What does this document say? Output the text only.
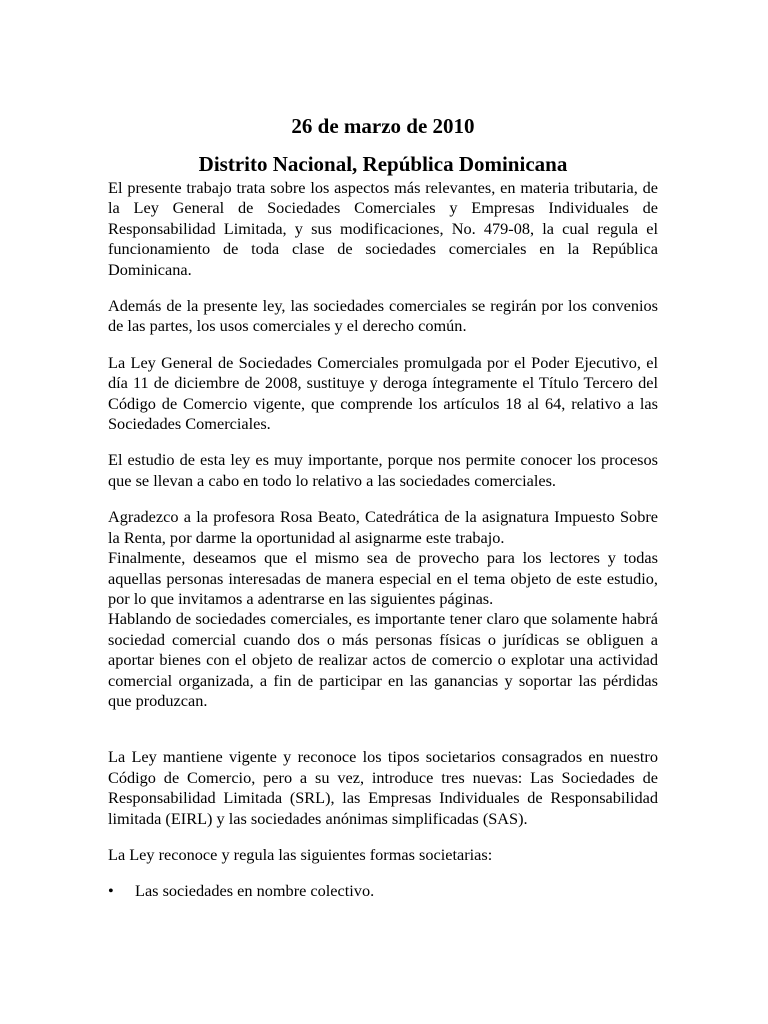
26 de marzo de 2010
Distrito Nacional, República Dominicana

El presente trabajo trata sobre los aspectos más relevantes, en materia tributaria, de la Ley General de Sociedades Comerciales y Empresas Individuales de Responsabilidad Limitada, y sus modificaciones, No. 479-08, la cual regula el funcionamiento de toda clase de sociedades comerciales en la República Dominicana.

Además de la presente ley, las sociedades comerciales se regirán por los convenios de las partes, los usos comerciales y el derecho común.

La Ley General de Sociedades Comerciales promulgada por el Poder Ejecutivo, el día 11 de diciembre de 2008, sustituye y deroga íntegramente el Título Tercero del Código de Comercio vigente, que comprende los artículos 18 al 64, relativo a las Sociedades Comerciales.

El estudio de esta ley es muy importante, porque nos permite conocer los procesos que se llevan a cabo en todo lo relativo a las sociedades comerciales.

Agradezco a la profesora Rosa Beato, Catedrática de la asignatura Impuesto Sobre la Renta, por darme la oportunidad al asignarme este trabajo.

Finalmente, deseamos que el mismo sea de provecho para los lectores y todas aquellas personas interesadas de manera especial en el tema objeto de este estudio, por lo que invitamos a adentrarse en las siguientes páginas.

Hablando de sociedades comerciales, es importante tener claro que solamente habrá sociedad comercial cuando dos o más personas físicas o jurídicas se obliguen a aportar bienes con el objeto de realizar actos de comercio o explotar una actividad comercial organizada, a fin de participar en las ganancias y soportar las pérdidas que produzcan.

La Ley mantiene vigente y reconoce los tipos societarios consagrados en nuestro Código de Comercio, pero a su vez, introduce tres nuevas: Las Sociedades de Responsabilidad Limitada (SRL), las Empresas Individuales de Responsabilidad limitada (EIRL) y las sociedades anónimas simplificadas (SAS).

La Ley reconoce y regula las siguientes formas societarias:

•	Las sociedades en nombre colectivo.
